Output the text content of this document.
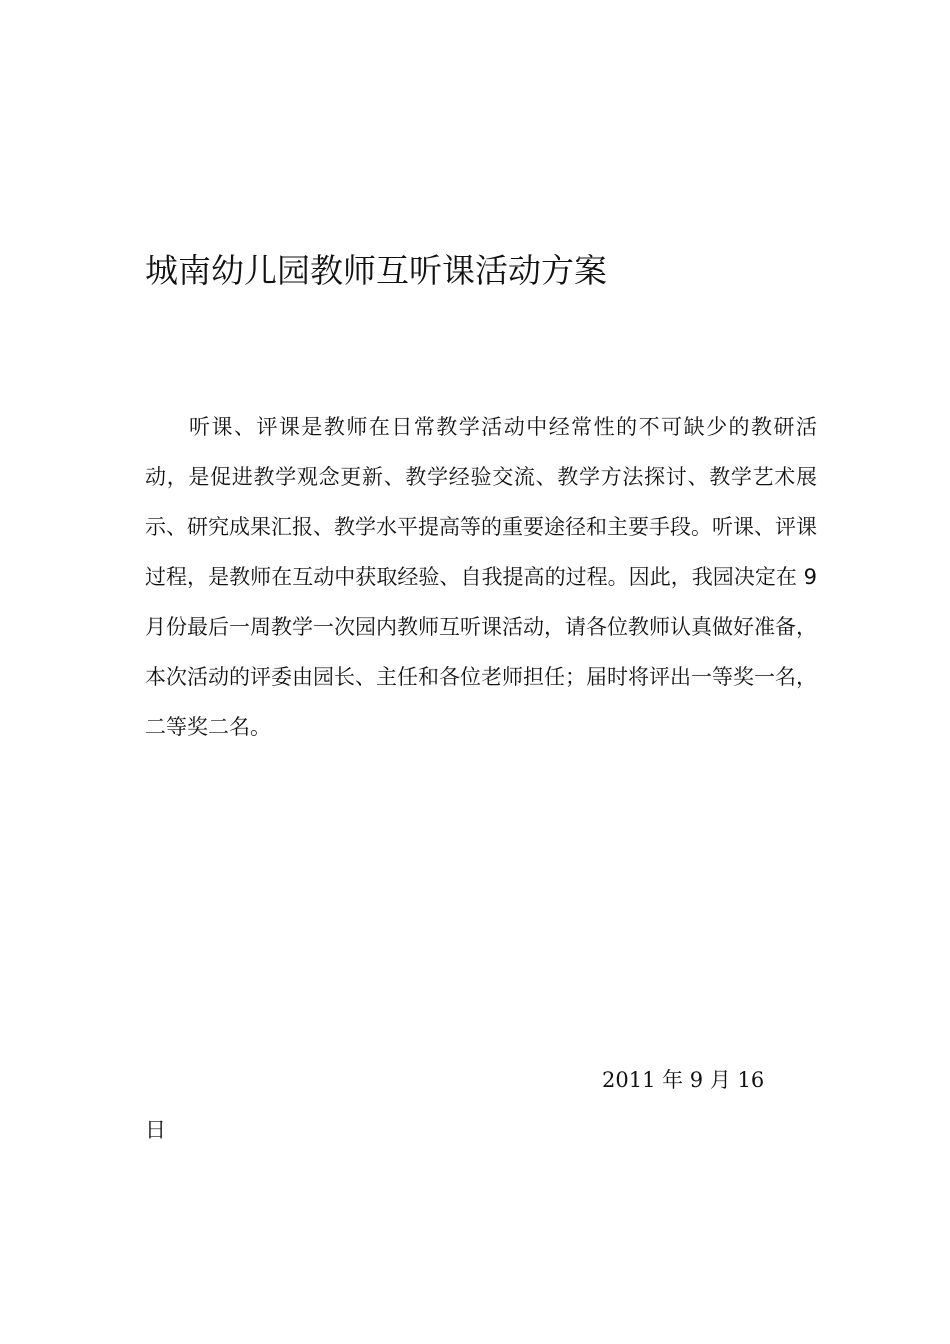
城南幼儿园教师互听课活动方案

听课、评课是教师在日常教学活动中经常性的不可缺少的教研活动，是促进教学观念更新、教学经验交流、教学方法探讨、教学艺术展示、研究成果汇报、教学水平提高等的重要途径和主要手段。听课、评课过程，是教师在互动中获取经验、自我提高的过程。因此，我园决定在 9 月份最后一周教学一次园内教师互听课活动，请各位教师认真做好准备，本次活动的评委由园长、主任和各位老师担任；届时将评出一等奖一名，二等奖二名。

2011 年 9 月 16

日
